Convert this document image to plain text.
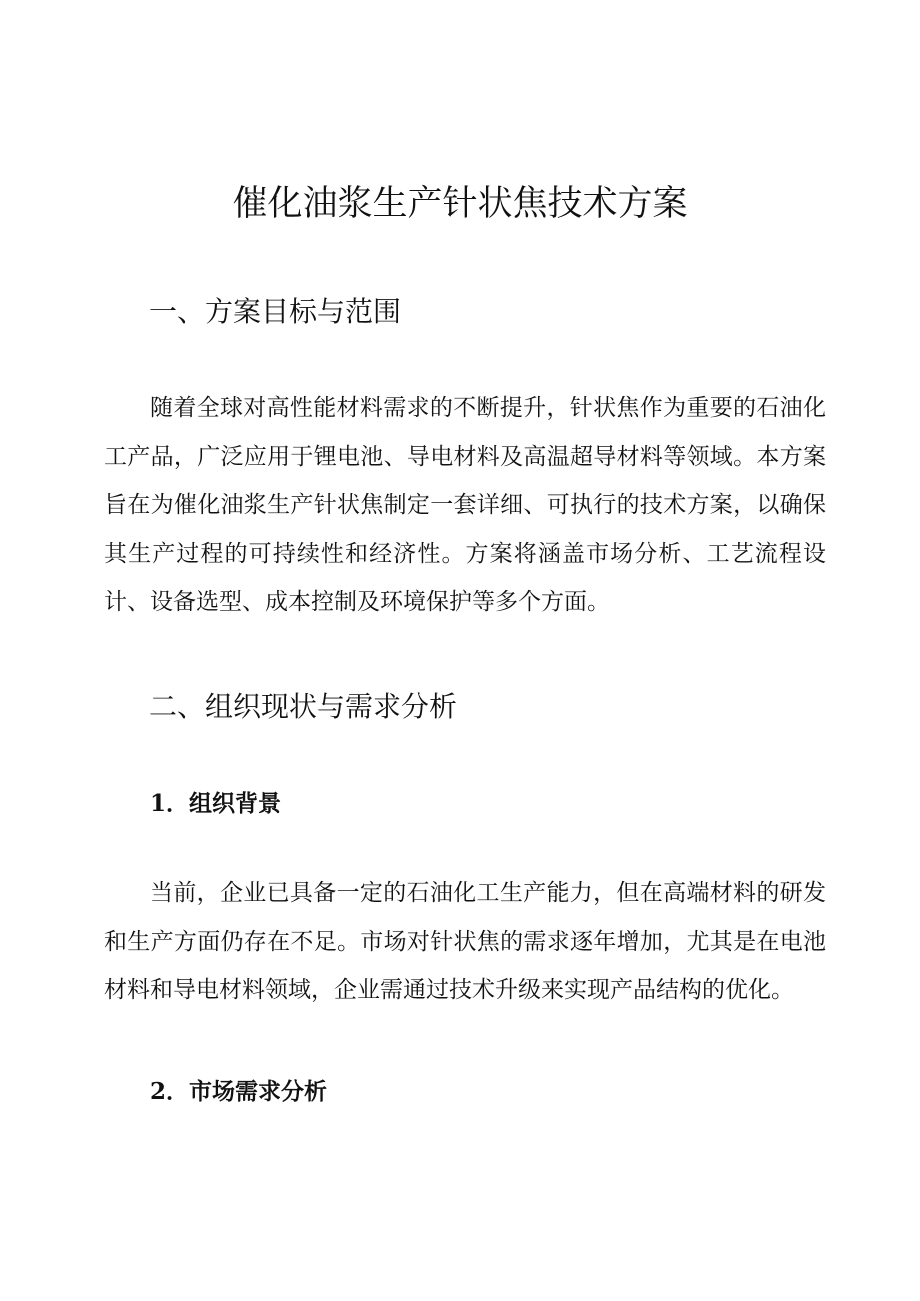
催化油浆生产针状焦技术方案
一、方案目标与范围

随着全球对高性能材料需求的不断提升，针状焦作为重要的石油化工产品，广泛应用于锂电池、导电材料及高温超导材料等领域。本方案旨在为催化油浆生产针状焦制定一套详细、可执行的技术方案，以确保其生产过程的可持续性和经济性。方案将涵盖市场分析、工艺流程设计、设备选型、成本控制及环境保护等多个方面。

二、组织现状与需求分析
1．组织背景

当前，企业已具备一定的石油化工生产能力，但在高端材料的研发和生产方面仍存在不足。市场对针状焦的需求逐年增加，尤其是在电池材料和导电材料领域，企业需通过技术升级来实现产品结构的优化。

2．市场需求分析
